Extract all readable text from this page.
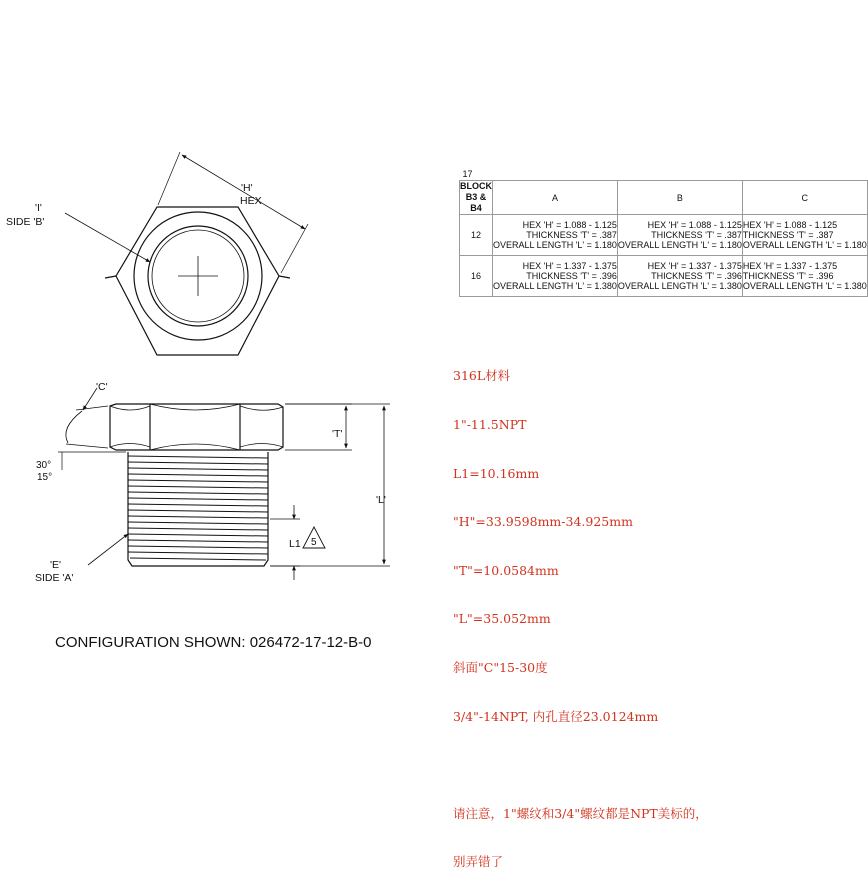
'H'
HEX
'I'
SIDE 'B'
'C'
'T'
'L'
30°
15°
L1 5
'E'
SIDE 'A'
17			
BLOCK
B3 & B4	A	B	C
12	HEX 'H' = 1.088 - 1.125
THICKNESS 'T' = .387
OVERALL LENGTH 'L' = 1.180	HEX 'H' = 1.088 - 1.125
THICKNESS 'T' = .387
OVERALL LENGTH 'L' = 1.180	HEX 'H' = 1.088 - 1.125
THICKNESS 'T' = .387
OVERALL LENGTH 'L' = 1.180

16	HEX 'H' = 1.337 - 1.375
THICKNESS 'T' = .396
OVERALL LENGTH 'L' = 1.380	HEX 'H' = 1.337 - 1.375
THICKNESS 'T' = .396
OVERALL LENGTH 'L' = 1.380	HEX 'H' = 1.337 - 1.375
THICKNESS 'T' = .396
OVERALL LENGTH 'L' = 1.380

316L材料

1"-11.5NPT

L1=10.16mm

"H"=33.9598mm-34.925mm

"T"=10.0584mm

"L"=35.052mm

斜面"C"15-30度

3/4"-14NPT, 内孔直径23.0124mm

请注意，1"螺纹和3/4"螺纹都是NPT美标的，

别弄错了

CONFIGURATION SHOWN: 026472-17-12-B-0
